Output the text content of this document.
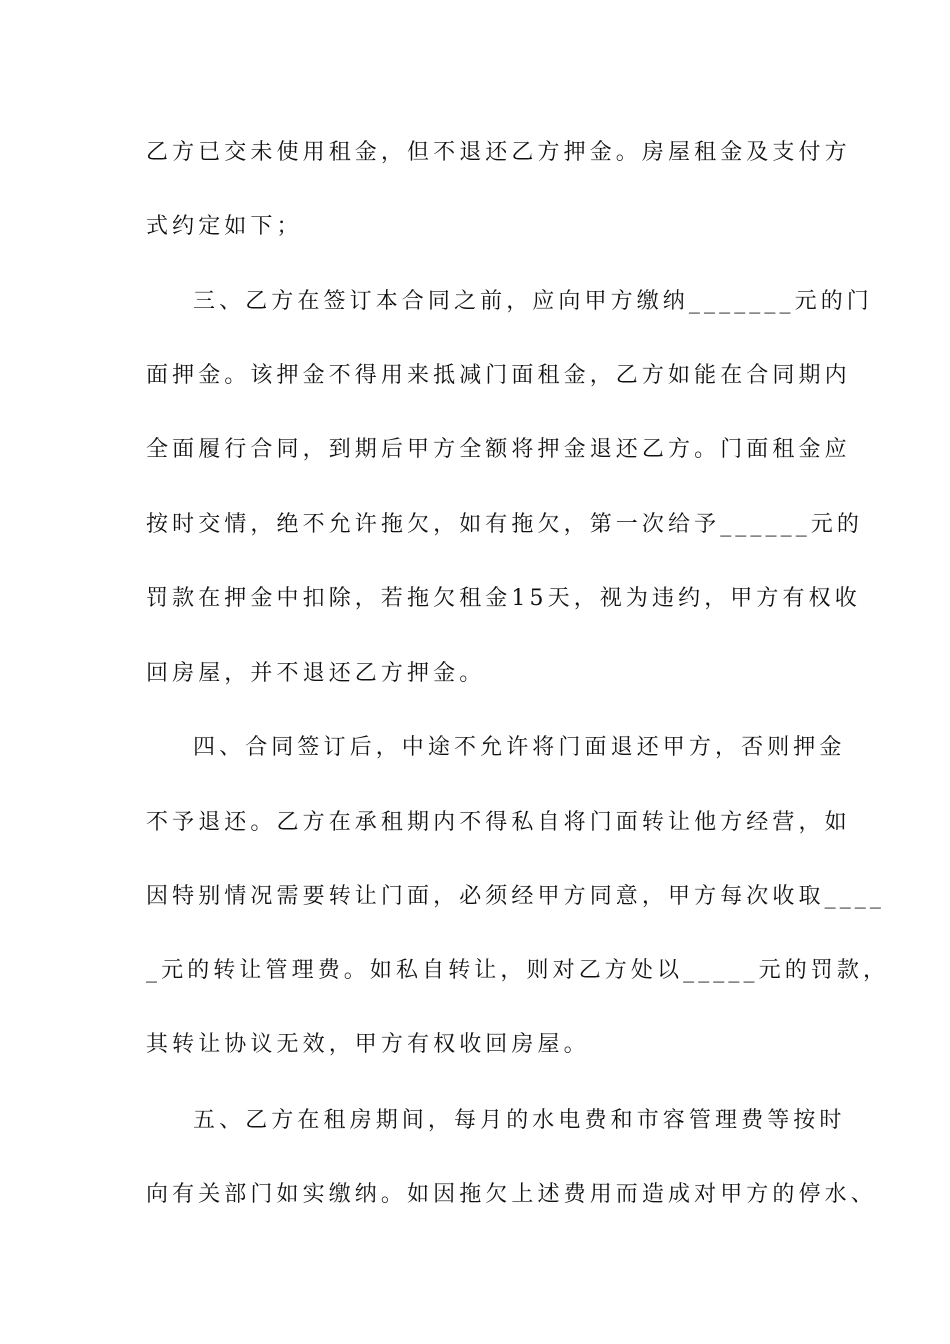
乙方已交未使用租金，但不退还乙方押金。房屋租金及支付方
式约定如下；
三、乙方在签订本合同之前，应向甲方缴纳_______元的门
面押金。该押金不得用来抵减门面租金，乙方如能在合同期内
全面履行合同，到期后甲方全额将押金退还乙方。门面租金应
按时交情，绝不允许拖欠，如有拖欠，第一次给予______元的
罚款在押金中扣除，若拖欠租金15天，视为违约，甲方有权收
回房屋，并不退还乙方押金。
四、合同签订后，中途不允许将门面退还甲方，否则押金
不予退还。乙方在承租期内不得私自将门面转让他方经营，如
因特别情况需要转让门面，必须经甲方同意，甲方每次收取____
_元的转让管理费。如私自转让，则对乙方处以_____元的罚款，
其转让协议无效，甲方有权收回房屋。
五、乙方在租房期间，每月的水电费和市容管理费等按时
向有关部门如实缴纳。如因拖欠上述费用而造成对甲方的停水、
